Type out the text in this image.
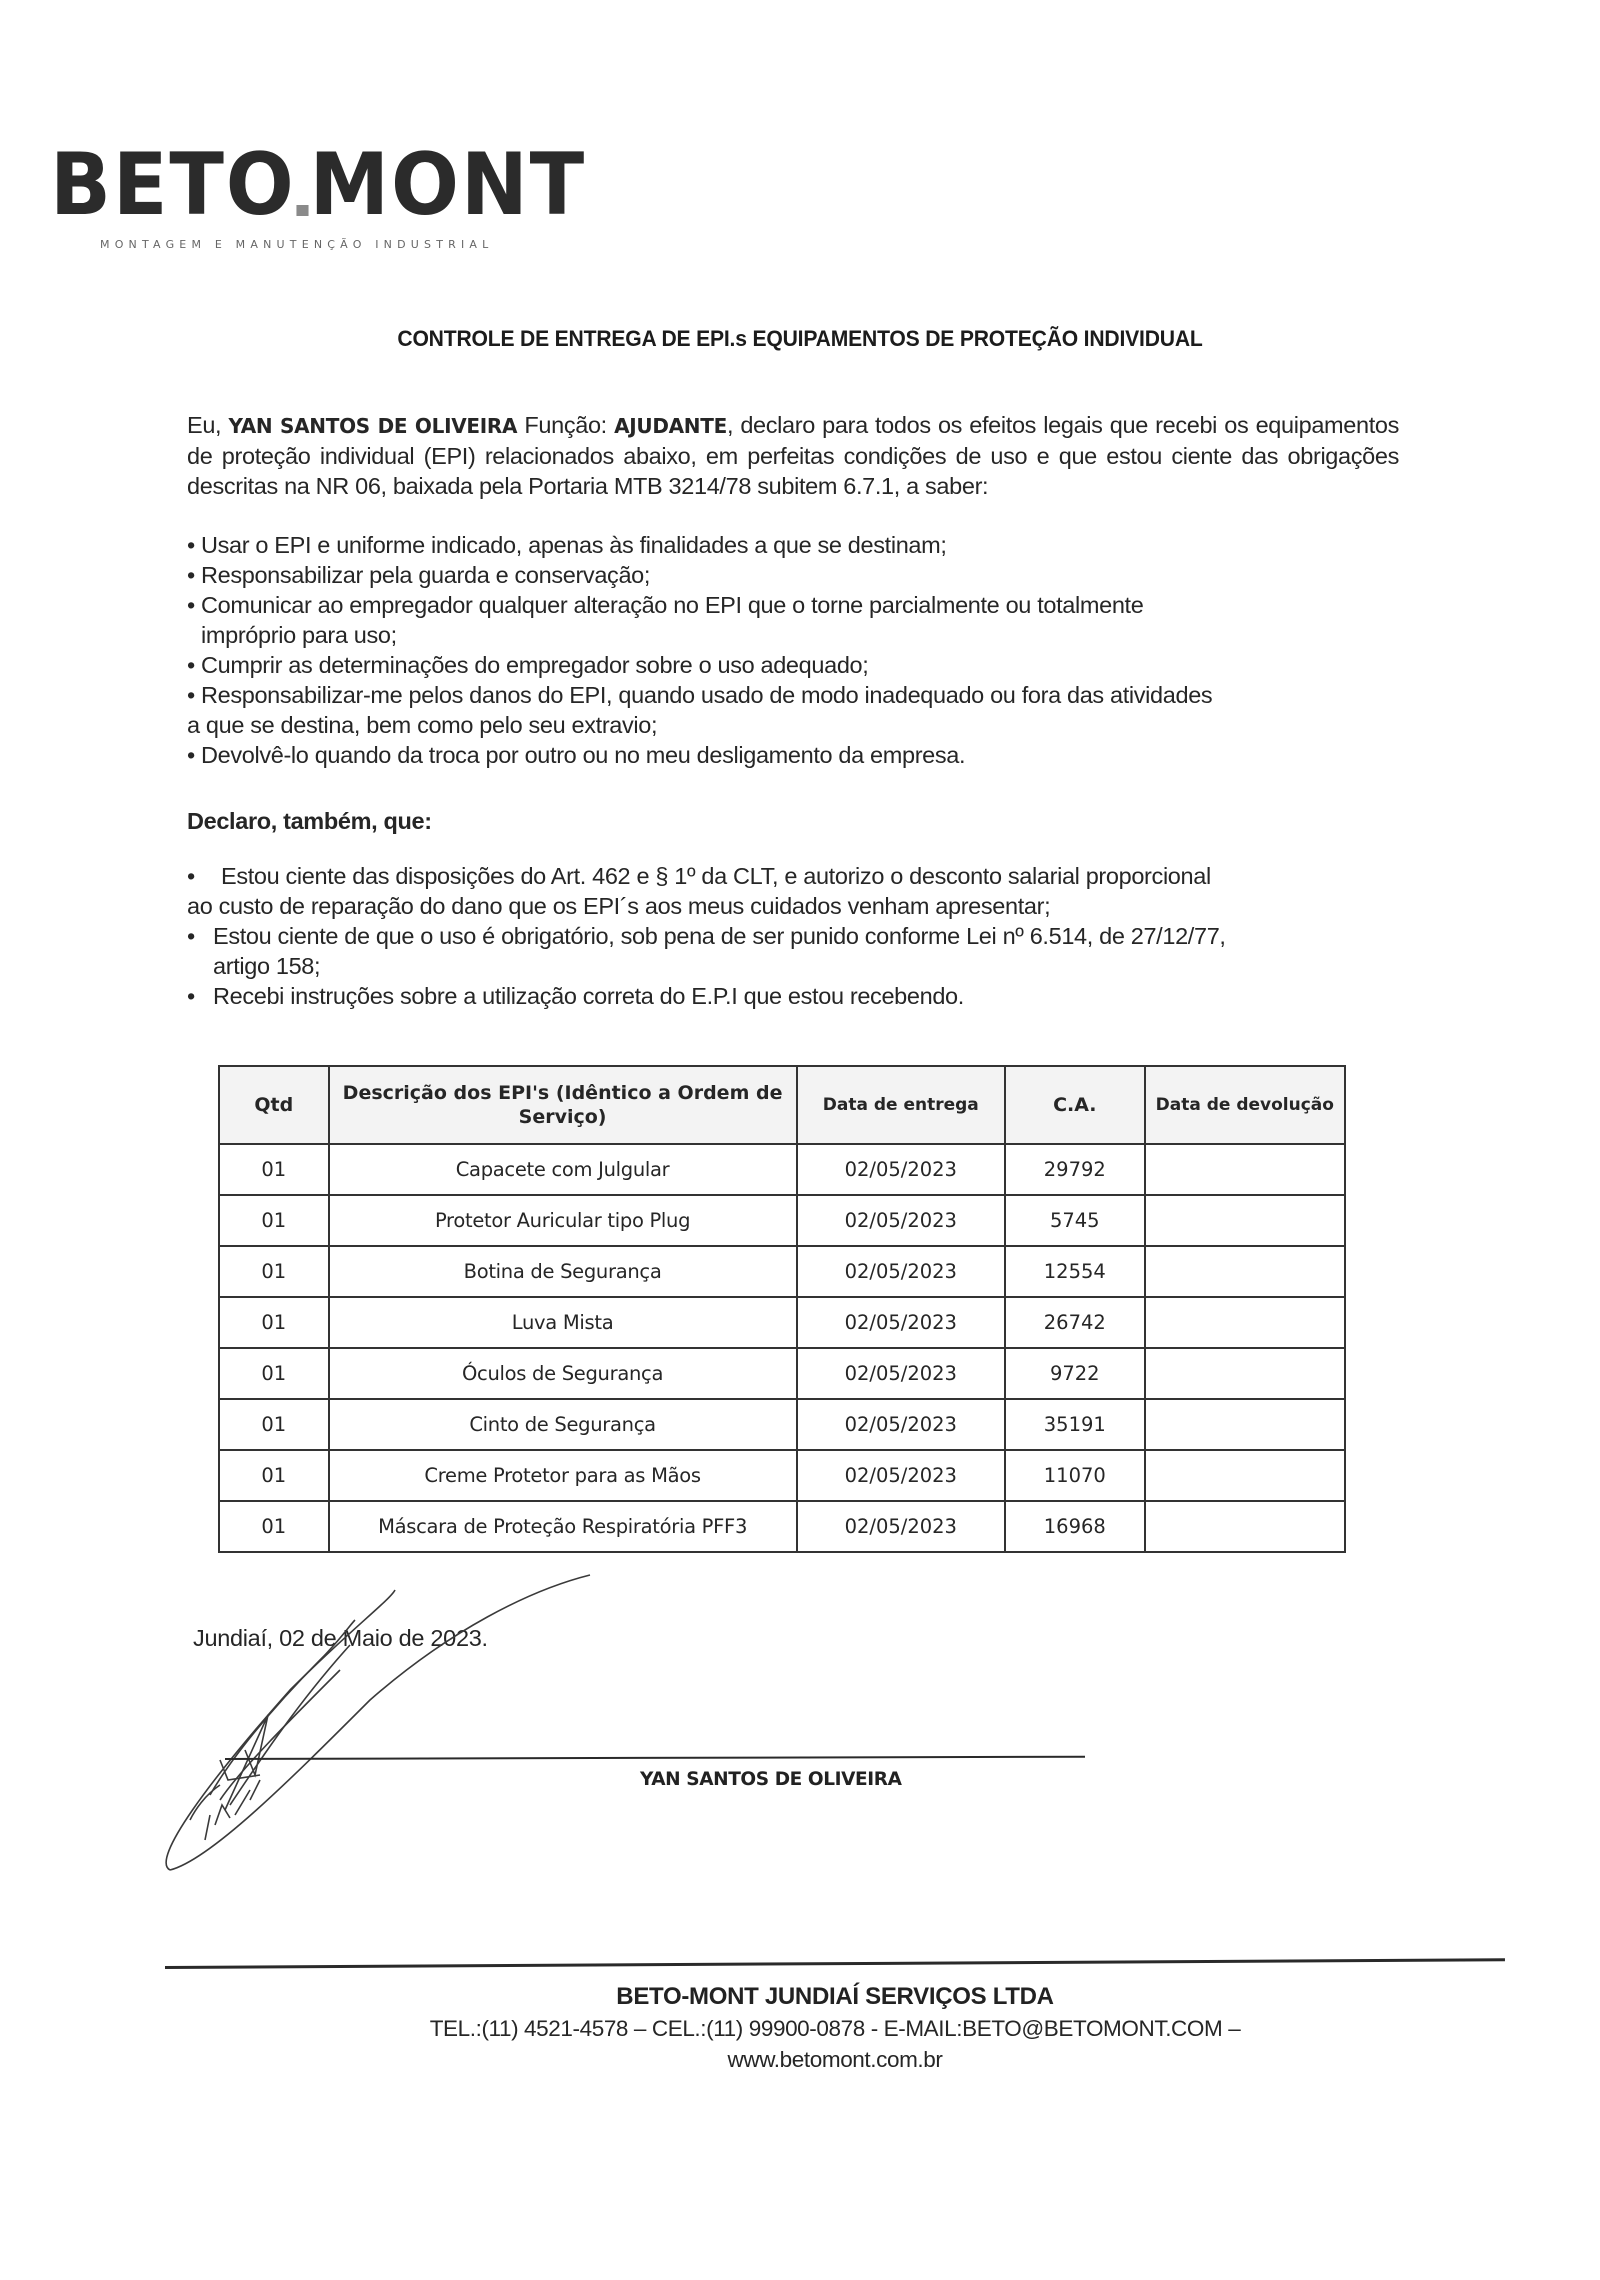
BETO MONT
MONTAGEM E MANUTENÇÃO INDUSTRIAL
CONTROLE DE ENTREGA DE EPI.s EQUIPAMENTOS DE PROTEÇÃO INDIVIDUAL
Eu, YAN SANTOS DE OLIVEIRA Função: AJUDANTE, declaro para todos os efeitos legais que recebi os equipamentos de proteção individual (EPI) relacionados abaixo, em perfeitas condições de uso e que estou ciente das obrigações descritas na NR 06, baixada pela Portaria MTB 3214/78 subitem 6.7.1, a saber:
• Usar o EPI e uniforme indicado, apenas às finalidades a que se destinam;
• Responsabilizar pela guarda e conservação;
• Comunicar ao empregador qualquer alteração no EPI que o torne parcialmente ou totalmente
impróprio para uso;
• Cumprir as determinações do empregador sobre o uso adequado;
• Responsabilizar-me pelos danos do EPI, quando usado de modo inadequado ou fora das atividades
a que se destina, bem como pelo seu extravio;
• Devolvê-lo quando da troca por outro ou no meu desligamento da empresa.
Declaro, também, que:
• Estou ciente das disposições do Art. 462 e § 1º da CLT, e autorizo o desconto salarial proporcional
ao custo de reparação do dano que os EPI´s aos meus cuidados venham apresentar;
• Estou ciente de que o uso é obrigatório, sob pena de ser punido conforme Lei nº 6.514, de 27/12/77,
artigo 158;
• Recebi instruções sobre a utilização correta do E.P.I que estou recebendo.
Qtd	Descrição dos EPI's (Idêntico a Ordem de Serviço)	Data de entrega	C.A.	Data de devolução
01	Capacete com Julgular	02/05/2023	29792	
01	Protetor Auricular tipo Plug	02/05/2023	5745	
01	Botina de Segurança	02/05/2023	12554	
01	Luva Mista	02/05/2023	26742	
01	Óculos de Segurança	02/05/2023	9722	
01	Cinto de Segurança	02/05/2023	35191	
01	Creme Protetor para as Mãos	02/05/2023	11070	
01	Máscara de Proteção Respiratória PFF3	02/05/2023	16968	
Jundiaí, 02 de Maio de 2023.
YAN SANTOS DE OLIVEIRA
BETO-MONT JUNDIAÍ SERVIÇOS LTDA
TEL.:(11) 4521-4578 – CEL.:(11) 99900-0878 - E-MAIL:BETO@BETOMONT.COM –
www.betomont.com.br
